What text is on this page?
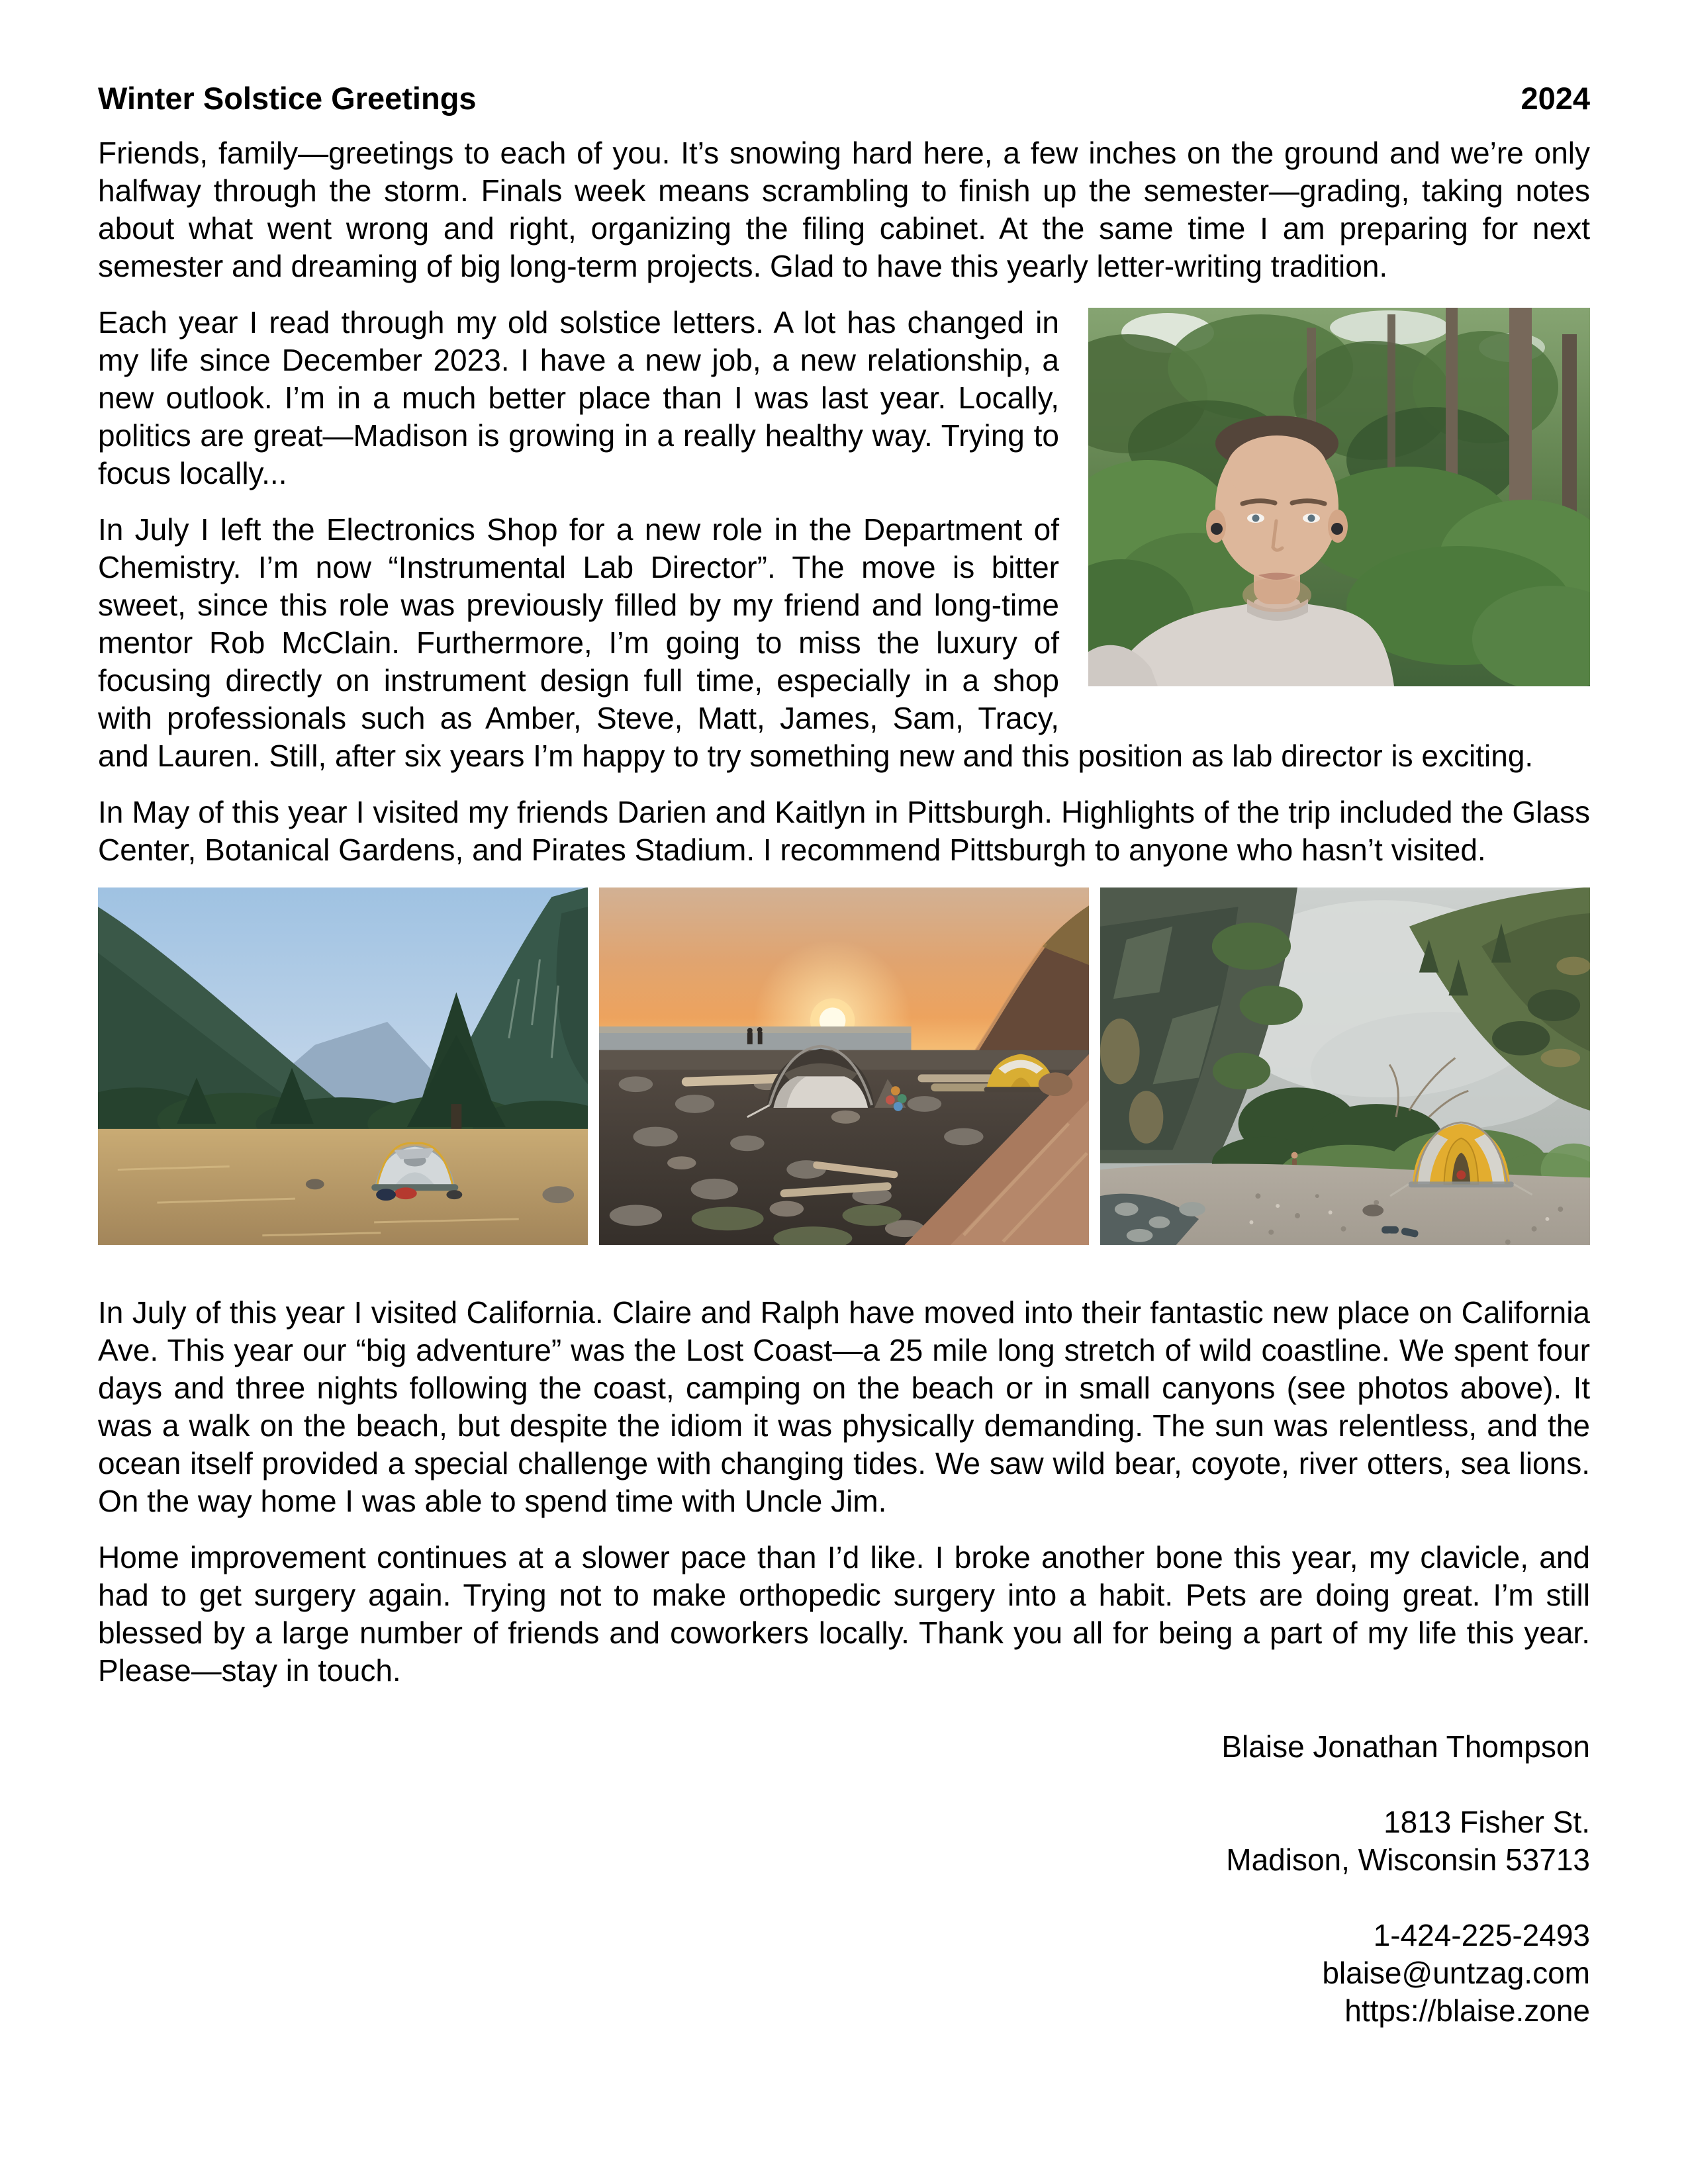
Winter Solstice Greetings	2024

Friends, family—greetings to each of you. It’s snowing hard here, a few inches on the ground and we’re only halfway through the storm. Finals week means scrambling to finish up the semester—grading, taking notes about what went wrong and right, organizing the filing cabinet. At the same time I am preparing for next semester and dreaming of big long-term projects. Glad to have this yearly letter-writing tradition.

Each year I read through my old solstice letters. A lot has changed in my life since December 2023. I have a new job, a new relationship, a new outlook. I’m in a much better place than I was last year. Locally, politics are great—Madison is growing in a really healthy way. Trying to focus locally...

In July I left the Electronics Shop for a new role in the Department of Chemistry. I’m now “Instrumental Lab Director”. The move is bitter sweet, since this role was previously filled by my friend and long-time mentor Rob McClain. Furthermore, I’m going to miss the luxury of focusing directly on instrument design full time, especially in a shop with professionals such as Amber, Steve, Matt, James, Sam, Tracy, and Lauren. Still, after six years I’m happy to try something new and this position as lab director is exciting.

In May of this year I visited my friends Darien and Kaitlyn in Pittsburgh. Highlights of the trip included the Glass Center, Botanical Gardens, and Pirates Stadium. I recommend Pittsburgh to anyone who hasn’t visited.

In July of this year I visited California. Claire and Ralph have moved into their fantastic new place on California Ave. This year our “big adventure” was the Lost Coast—a 25 mile long stretch of wild coastline. We spent four days and three nights following the coast, camping on the beach or in small canyons (see photos above). It was a walk on the beach, but despite the idiom it was physically demanding. The sun was relentless, and the ocean itself provided a special challenge with changing tides. We saw wild bear, coyote, river otters, sea lions. On the way home I was able to spend time with Uncle Jim.

Home improvement continues at a slower pace than I’d like. I broke another bone this year, my clavicle, and had to get surgery again. Trying not to make orthopedic surgery into a habit. Pets are doing great. I’m still blessed by a large number of friends and coworkers locally. Thank you all for being a part of my life this year. Please—stay in touch.

Blaise Jonathan Thompson
1813 Fisher St.
Madison, Wisconsin 53713
1-424-225-2493
blaise@untzag.com
https://blaise.zone
